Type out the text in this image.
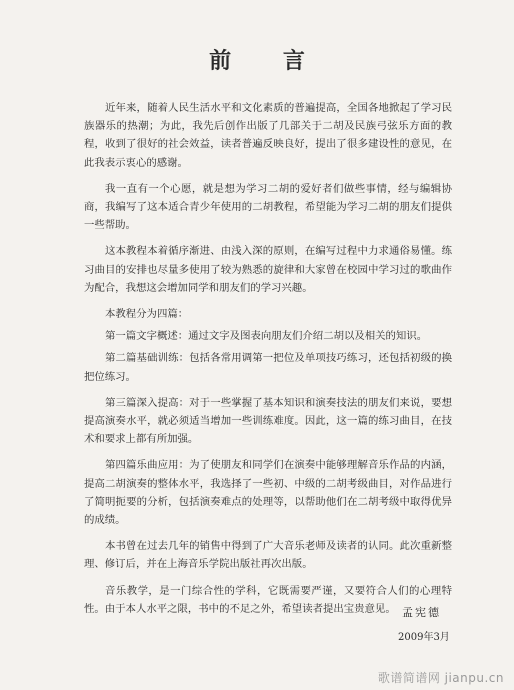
前 言

近年来，随着人民生活水平和文化素质的普遍提高，全国各地掀起了学习民族器乐的热潮；为此，我先后创作出版了几部关于二胡及民族弓弦乐方面的教程，收到了很好的社会效益，读者普遍反映良好，提出了很多建设性的意见，在此我表示衷心的感谢。

我一直有一个心愿，就是想为学习二胡的爱好者们做些事情，经与编辑协商，我编写了这本适合青少年使用的二胡教程，希望能为学习二胡的朋友们提供一些帮助。

这本教程本着循序渐进、由浅入深的原则，在编写过程中力求通俗易懂。练习曲目的安排也尽量多使用了较为熟悉的旋律和大家曾在校园中学习过的歌曲作为配合，我想这会增加同学和朋友们的学习兴趣。

本教程分为四篇：

第一篇文字概述：通过文字及图表向朋友们介绍二胡以及相关的知识。

第二篇基础训练：包括各常用调第一把位及单项技巧练习，还包括初级的换把位练习。

第三篇深入提高：对于一些掌握了基本知识和演奏技法的朋友们来说，要想提高演奏水平，就必须适当增加一些训练难度。因此，这一篇的练习曲目，在技术和要求上都有所加强。

第四篇乐曲应用：为了使朋友和同学们在演奏中能够理解音乐作品的内涵，提高二胡演奏的整体水平，我选择了一些初、中级的二胡考级曲目，对作品进行了简明扼要的分析，包括演奏难点的处理等，以帮助他们在二胡考级中取得优异的成绩。

本书曾在过去几年的销售中得到了广大音乐老师及读者的认同。此次重新整理、修订后，并在上海音乐学院出版社再次出版。

音乐教学，是一门综合性的学科，它既需要严谨，又要符合人们的心理特性。由于本人水平之限，书中的不足之外，希望读者提出宝贵意见。 孟宪德
2009年3月
歌谱简谱网 jianpu.cn
